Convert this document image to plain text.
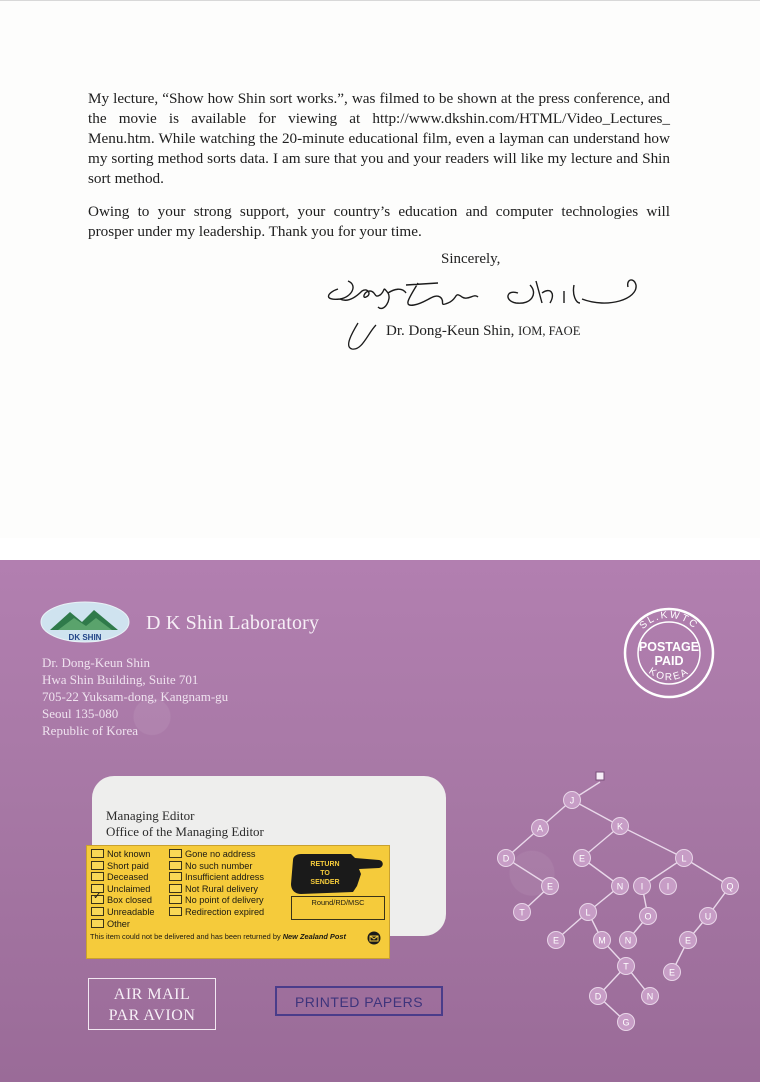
My lecture, “Show how Shin sort works.”, was filmed to be shown at the press conference, and the movie is available for viewing at http://www.dkshin.com/HTML/Video_Lectures_ Menu.htm. While watching the 20-minute educational film, even a layman can understand how my sorting method sorts data. I am sure that you and your readers will like my lecture and Shin sort method.

Owing to your strong support, your country’s education and computer technologies will prosper under my leadership. Thank you for your time.

Sincerely,
Dr. Dong-Keun Shin, IOM, FAOE
DK SHIN
D K Shin Laboratory
Dr. Dong-Keun Shin
Hwa Shin Building, Suite 701
705-22 Yuksam-dong, Kangnam-gu
Seoul 135-080
Republic of Korea
SL.KWTC
KOREA
POSTAGE
PAID
Managing Editor
Office of the Managing Editor
Not known
Short paid
Deceased
Unclaimed
✓Box closed
Unreadable
Other
Gone no address
No such number
Insufficient address
Not Rural delivery
No point of delivery
Redirection expired
RETURN
TO
SENDER
Round/RD/MSC
This item could not be delivered and has been returned by New Zealand Post
J
A	K
D	E	L
E	N	I
I	Q
T	L	O	U
E	M N	E
T
E
D	N
G
AIR MAIL
PAR AVION
PRINTED PAPERS
